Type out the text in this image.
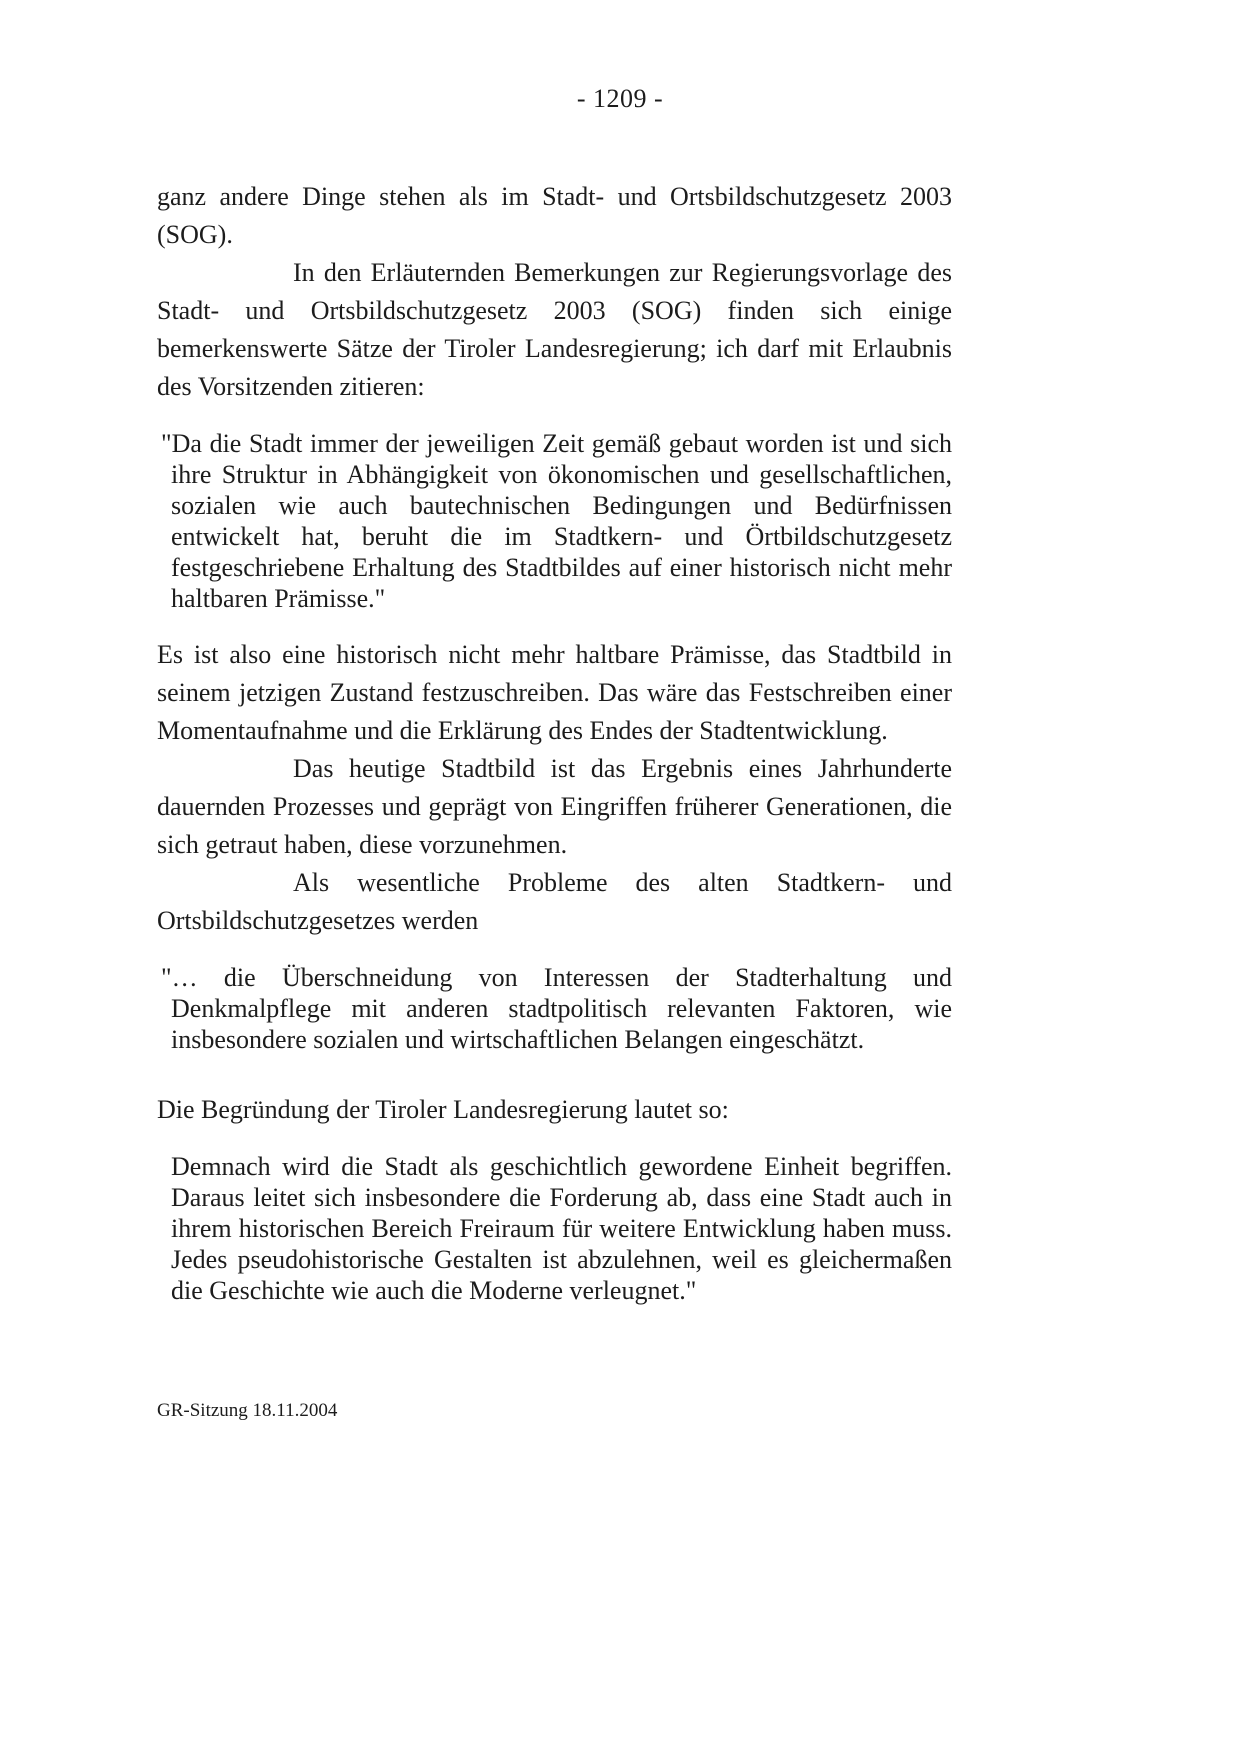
- 1209 -

ganz andere Dinge stehen als im Stadt- und Ortsbildschutzgesetz 2003 (SOG).

In den Erläuternden Bemerkungen zur Regierungsvorlage des Stadt- und Ortsbildschutzgesetz 2003 (SOG) finden sich einige bemerkenswerte Sätze der Tiroler Landesregierung; ich darf mit Erlaubnis des Vorsitzenden zitieren:

"Da die Stadt immer der jeweiligen Zeit gemäß gebaut worden ist und sich ihre Struktur in Abhängigkeit von ökonomischen und gesellschaftlichen, sozialen wie auch bautechnischen Bedingungen und Bedürfnissen entwickelt hat, beruht die im Stadtkern- und Örtbildschutzgesetz festgeschriebene Erhaltung des Stadtbildes auf einer historisch nicht mehr haltbaren Prämisse."

Es ist also eine historisch nicht mehr haltbare Prämisse, das Stadtbild in seinem jetzigen Zustand festzuschreiben. Das wäre das Festschreiben einer Momentaufnahme und die Erklärung des Endes der Stadtentwicklung.

Das heutige Stadtbild ist das Ergebnis eines Jahrhunderte dauernden Prozesses und geprägt von Eingriffen früherer Generationen, die sich getraut haben, diese vorzunehmen.

Als wesentliche Probleme des alten Stadtkern- und Ortsbildschutzgesetzes werden

"… die Überschneidung von Interessen der Stadterhaltung und Denkmalpflege mit anderen stadtpolitisch relevanten Faktoren, wie insbesondere sozialen und wirtschaftlichen Belangen eingeschätzt.

Die Begründung der Tiroler Landesregierung lautet so:

Demnach wird die Stadt als geschichtlich gewordene Einheit begriffen. Daraus leitet sich insbesondere die Forderung ab, dass eine Stadt auch in ihrem historischen Bereich Freiraum für weitere Entwicklung haben muss. Jedes pseudohistorische Gestalten ist abzulehnen, weil es gleichermaßen die Geschichte wie auch die Moderne verleugnet."

GR-Sitzung 18.11.2004
